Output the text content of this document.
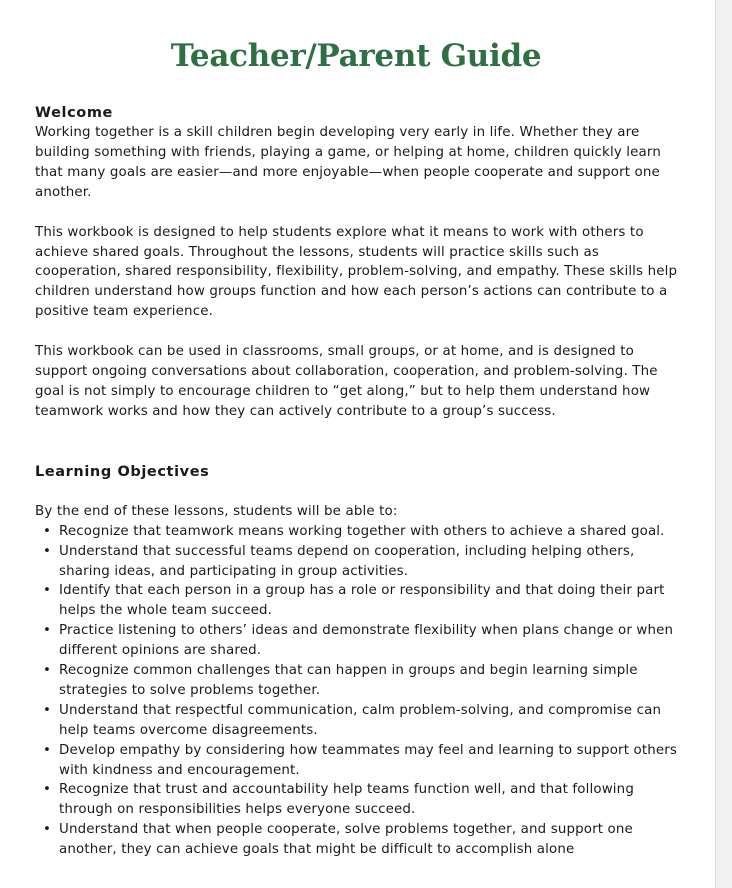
Teacher/Parent Guide
Welcome

Working together is a skill children begin developing very early in life. Whether they are building something with friends, playing a game, or helping at home, children quickly learn that many goals are easier—and more enjoyable—when people cooperate and support one another.

This workbook is designed to help students explore what it means to work with others to achieve shared goals. Throughout the lessons, students will practice skills such as cooperation, shared responsibility, flexibility, problem-solving, and empathy. These skills help children understand how groups function and how each person’s actions can contribute to a positive team experience.

This workbook can be used in classrooms, small groups, or at home, and is designed to support ongoing conversations about collaboration, cooperation, and problem-solving. The goal is not simply to encourage children to “get along,” but to help them understand how teamwork works and how they can actively contribute to a group’s success.

Learning Objectives

By the end of these lessons, students will be able to:

• Recognize that teamwork means working together with others to achieve a shared goal.
• Understand that successful teams depend on cooperation, including helping others, sharing ideas, and participating in group activities.
• Identify that each person in a group has a role or responsibility and that doing their part helps the whole team succeed.
• Practice listening to others’ ideas and demonstrate flexibility when plans change or when different opinions are shared.
• Recognize common challenges that can happen in groups and begin learning simple strategies to solve problems together.
• Understand that respectful communication, calm problem-solving, and compromise can help teams overcome disagreements.
• Develop empathy by considering how teammates may feel and learning to support others with kindness and encouragement.
• Recognize that trust and accountability help teams function well, and that following through on responsibilities helps everyone succeed.
• Understand that when people cooperate, solve problems together, and support one another, they can achieve goals that might be difficult to accomplish alone
